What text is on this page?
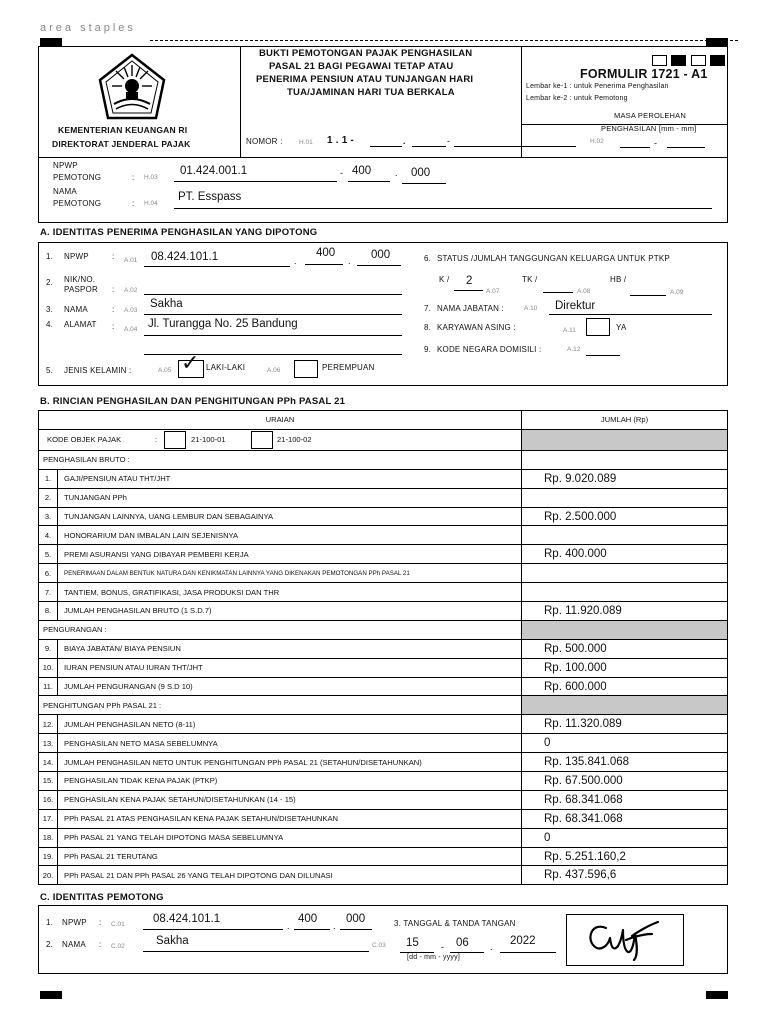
area staples
KEMENTERIAN KEUANGAN RI
DIREKTORAT JENDERAL PAJAK
BUKTI PEMOTONGAN PAJAK PENGHASILAN
PASAL 21 BAGI PEGAWAI TETAP ATAU
PENERIMA PENSIUN ATAU TUNJANGAN HARI
TUA/JAMINAN HARI TUA BERKALA
NOMOR :	H.01 1 . 1 -	.	-
FORMULIR 1721 - A1
Lembar ke-1 : untuk Penerima Penghasilan
Lembar ke-2 : untuk Pemotong
MASA PEROLEHAN
PENGHASILAN [mm - mm]
H.02	-
NPWP
PEMOTONG	: H.03
01.424.001.1	- 400	. 000
NAMA
PEMOTONG	: H.04
PT. Esspass
A. IDENTITAS PENERIMA PENGHASILAN YANG DIPOTONG
1. NPWP	: A.01 08.424.101.1	.
400
. 000
2. NIK/NO.
PASPOR : A.02
3. NAMA	: A.03
Sakha
4. ALAMAT : A.04 Jl. Turangga No. 25 Bandung
5. JENIS KELAMIN :	A.05 ✓ LAKI-LAKI	A.06	PEREMPUAN
6. STATUS /JUMLAH TANGGUNGAN KELUARGA UNTUK PTKP
K / 2
A.07
TK /
A.08
HB /
A.09
7. NAMA JABATAN :	A.10 Direktur
8. KARYAWAN ASING :	A.11	YA
9. KODE NEGARA DOMISILI :	A.12
B. RINCIAN PENGHASILAN DAN PENGHITUNGAN PPh PASAL 21
URAIAN		JUMLAH (Rp)
KODE OBJEK PAJAK : 21-100-01 21-100-02		

PENGHASILAN BRUTO :		
1.	GAJI/PENSIUN ATAU THT/JHT	Rp. 9.020.089
2.	TUNJANGAN PPh	
3.	TUNJANGAN LAINNYA, UANG LEMBUR DAN SEBAGAINYA	Rp. 2.500.000
4.	HONORARIUM DAN IMBALAN LAIN SEJENISNYA	
5.	PREMI ASURANSI YANG DIBAYAR PEMBERI KERJA	Rp. 400.000
6.	PENERIMAAN DALAM BENTUK NATURA DAN KENIKMATAN LAINNYA YANG DIKENAKAN PEMOTONGAN PPh PASAL 21	
7.	TANTIEM, BONUS, GRATIFIKASI, JASA PRODUKSI DAN THR	
8.	JUMLAH PENGHASILAN BRUTO (1 S.D.7)	Rp. 11.920.089
PENGURANGAN :		
9.	BIAYA JABATAN/ BIAYA PENSIUN	Rp. 500.000
10.	IURAN PENSIUN ATAU IURAN THT/JHT	Rp. 100.000
11.	JUMLAH PENGURANGAN (9 S.D 10)	Rp. 600.000
PENGHITUNGAN PPh PASAL 21 :		
12.	JUMLAH PENGHASILAN NETO (8-11)	Rp. 11.320.089
13.	PENGHASILAN NETO MASA SEBELUMNYA	0
14.	JUMLAH PENGHASILAN NETO UNTUK PENGHITUNGAN PPh PASAL 21 (SETAHUN/DISETAHUNKAN)	Rp. 135.841.068
15.	PENGHASILAN TIDAK KENA PAJAK (PTKP)	Rp. 67.500.000
16.	PENGHASILAN KENA PAJAK SETAHUN/DISETAHUNKAN (14 - 15)	Rp. 68.341.068
17.	PPh PASAL 21 ATAS PENGHASILAN KENA PAJAK SETAHUN/DISETAHUNKAN	Rp. 68.341.068
18.	PPh PASAL 21 YANG TELAH DIPOTONG MASA SEBELUMNYA	0
19.	PPh PASAL 21 TERUTANG	Rp. 5.251.160,2
20.	PPh PASAL 21 DAN PPh PASAL 26 YANG TELAH DIPOTONG DAN DILUNASI	Rp. 437.596,6
C. IDENTITAS PEMOTONG
1. NPWP : C.01 08.424.101.1
.
400
.
000
2. NAMA : C.02	Sakha
3. TANGGAL & TANDA TANGAN
C.03 15 - 06 . 2022
[dd - mm - yyyy]
